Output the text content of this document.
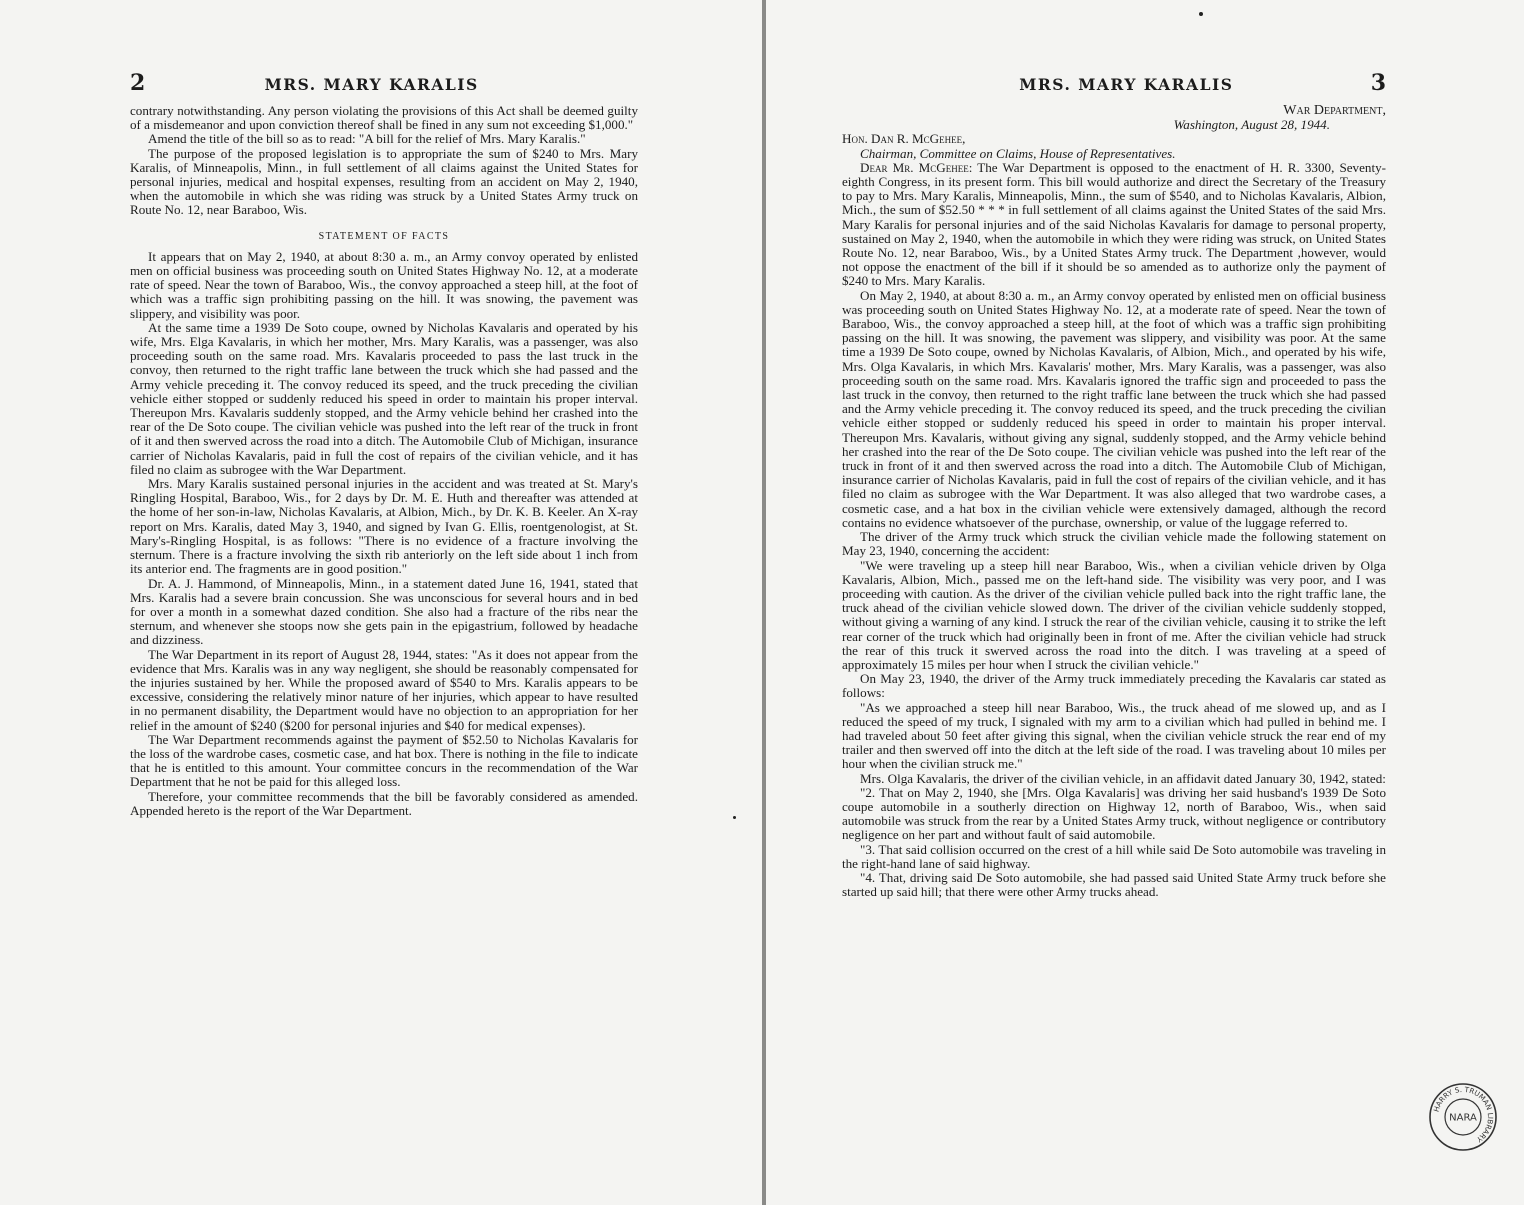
2	MRS. MARY KARALIS

contrary notwithstanding. Any person violating the provisions of this Act shall be deemed guilty of a misdemeanor and upon conviction thereof shall be fined in any sum not exceeding $1,000."

Amend the title of the bill so as to read: "A bill for the relief of Mrs. Mary Karalis."

The purpose of the proposed legislation is to appropriate the sum of $240 to Mrs. Mary Karalis, of Minneapolis, Minn., in full settlement of all claims against the United States for personal injuries, medical and hospital expenses, resulting from an accident on May 2, 1940, when the automobile in which she was riding was struck by a United States Army truck on Route No. 12, near Baraboo, Wis.

STATEMENT OF FACTS

It appears that on May 2, 1940, at about 8:30 a. m., an Army convoy operated by enlisted men on official business was proceeding south on United States Highway No. 12, at a moderate rate of speed. Near the town of Baraboo, Wis., the convoy approached a steep hill, at the foot of which was a traffic sign prohibiting passing on the hill. It was snowing, the pavement was slippery, and visibility was poor.

At the same time a 1939 De Soto coupe, owned by Nicholas Kavalaris and operated by his wife, Mrs. Elga Kavalaris, in which her mother, Mrs. Mary Karalis, was a passenger, was also proceeding south on the same road. Mrs. Kavalaris proceeded to pass the last truck in the convoy, then returned to the right traffic lane between the truck which she had passed and the Army vehicle preceding it. The convoy reduced its speed, and the truck preceding the civilian vehicle either stopped or suddenly reduced his speed in order to maintain his proper interval. Thereupon Mrs. Kavalaris suddenly stopped, and the Army vehicle behind her crashed into the rear of the De Soto coupe. The civilian vehicle was pushed into the left rear of the truck in front of it and then swerved across the road into a ditch. The Automobile Club of Michigan, insurance carrier of Nicholas Kavalaris, paid in full the cost of repairs of the civilian vehicle, and it has filed no claim as subrogee with the War Department.

Mrs. Mary Karalis sustained personal injuries in the accident and was treated at St. Mary's Ringling Hospital, Baraboo, Wis., for 2 days by Dr. M. E. Huth and thereafter was attended at the home of her son-in-law, Nicholas Kavalaris, at Albion, Mich., by Dr. K. B. Keeler. An X-ray report on Mrs. Karalis, dated May 3, 1940, and signed by Ivan G. Ellis, roentgenologist, at St. Mary's-Ringling Hospital, is as follows: "There is no evidence of a fracture involving the sternum. There is a fracture involving the sixth rib anteriorly on the left side about 1 inch from its anterior end. The fragments are in good position."

Dr. A. J. Hammond, of Minneapolis, Minn., in a statement dated June 16, 1941, stated that Mrs. Karalis had a severe brain concussion. She was unconscious for several hours and in bed for over a month in a somewhat dazed condition. She also had a fracture of the ribs near the sternum, and whenever she stoops now she gets pain in the epigastrium, followed by headache and dizziness.

The War Department in its report of August 28, 1944, states: "As it does not appear from the evidence that Mrs. Karalis was in any way negligent, she should be reasonably compensated for the injuries sustained by her. While the proposed award of $540 to Mrs. Karalis appears to be excessive, considering the relatively minor nature of her injuries, which appear to have resulted in no permanent disability, the Department would have no objection to an appropriation for her relief in the amount of $240 ($200 for personal injuries and $40 for medical expenses).

The War Department recommends against the payment of $52.50 to Nicholas Kavalaris for the loss of the wardrobe cases, cosmetic case, and hat box. There is nothing in the file to indicate that he is entitled to this amount. Your committee concurs in the recommendation of the War Department that he not be paid for this alleged loss.

Therefore, your committee recommends that the bill be favorably considered as amended. Appended hereto is the report of the War Department.

MRS. MARY KARALIS	3

War Department,

Washington, August 28, 1944.

Hon. Dan R. McGehee,

Chairman, Committee on Claims, House of Representatives.

Dear Mr. McGehee: The War Department is opposed to the enactment of H. R. 3300, Seventy-eighth Congress, in its present form. This bill would authorize and direct the Secretary of the Treasury to pay to Mrs. Mary Karalis, Minneapolis, Minn., the sum of $540, and to Nicholas Kavalaris, Albion, Mich., the sum of $52.50 * * * in full settlement of all claims against the United States of the said Mrs. Mary Karalis for personal injuries and of the said Nicholas Kavalaris for damage to personal property, sustained on May 2, 1940, when the automobile in which they were riding was struck, on United States Route No. 12, near Baraboo, Wis., by a United States Army truck. The Department ,however, would not oppose the enactment of the bill if it should be so amended as to authorize only the payment of $240 to Mrs. Mary Karalis.

On May 2, 1940, at about 8:30 a. m., an Army convoy operated by enlisted men on official business was proceeding south on United States Highway No. 12, at a moderate rate of speed. Near the town of Baraboo, Wis., the convoy approached a steep hill, at the foot of which was a traffic sign prohibiting passing on the hill. It was snowing, the pavement was slippery, and visibility was poor. At the same time a 1939 De Soto coupe, owned by Nicholas Kavalaris, of Albion, Mich., and operated by his wife, Mrs. Olga Kavalaris, in which Mrs. Kavalaris' mother, Mrs. Mary Karalis, was a passenger, was also proceeding south on the same road. Mrs. Kavalaris ignored the traffic sign and proceeded to pass the last truck in the convoy, then returned to the right traffic lane between the truck which she had passed and the Army vehicle preceding it. The convoy reduced its speed, and the truck preceding the civilian vehicle either stopped or suddenly reduced his speed in order to maintain his proper interval. Thereupon Mrs. Kavalaris, without giving any signal, suddenly stopped, and the Army vehicle behind her crashed into the rear of the De Soto coupe. The civilian vehicle was pushed into the left rear of the truck in front of it and then swerved across the road into a ditch. The Automobile Club of Michigan, insurance carrier of Nicholas Kavalaris, paid in full the cost of repairs of the civilian vehicle, and it has filed no claim as subrogee with the War Department. It was also alleged that two wardrobe cases, a cosmetic case, and a hat box in the civilian vehicle were extensively damaged, although the record contains no evidence whatsoever of the purchase, ownership, or value of the luggage referred to.

The driver of the Army truck which struck the civilian vehicle made the following statement on May 23, 1940, concerning the accident:

"We were traveling up a steep hill near Baraboo, Wis., when a civilian vehicle driven by Olga Kavalaris, Albion, Mich., passed me on the left-hand side. The visibility was very poor, and I was proceeding with caution. As the driver of the civilian vehicle pulled back into the right traffic lane, the truck ahead of the civilian vehicle slowed down. The driver of the civilian vehicle suddenly stopped, without giving a warning of any kind. I struck the rear of the civilian vehicle, causing it to strike the left rear corner of the truck which had originally been in front of me. After the civilian vehicle had struck the rear of this truck it swerved across the road into the ditch. I was traveling at a speed of approximately 15 miles per hour when I struck the civilian vehicle."

On May 23, 1940, the driver of the Army truck immediately preceding the Kavalaris car stated as follows:

"As we approached a steep hill near Baraboo, Wis., the truck ahead of me slowed up, and as I reduced the speed of my truck, I signaled with my arm to a civilian which had pulled in behind me. I had traveled about 50 feet after giving this signal, when the civilian vehicle struck the rear end of my trailer and then swerved off into the ditch at the left side of the road. I was traveling about 10 miles per hour when the civilian struck me."

Mrs. Olga Kavalaris, the driver of the civilian vehicle, in an affidavit dated January 30, 1942, stated:

"2. That on May 2, 1940, she [Mrs. Olga Kavalaris] was driving her said husband's 1939 De Soto coupe automobile in a southerly direction on Highway 12, north of Baraboo, Wis., when said automobile was struck from the rear by a United States Army truck, without negligence or contributory negligence on her part and without fault of said automobile.

"3. That said collision occurred on the crest of a hill while said De Soto automobile was traveling in the right-hand lane of said highway.

"4. That, driving said De Soto automobile, she had passed said United State Army truck before she started up said hill; that there were other Army trucks ahead.

HARRY S. TRUMAN LIBRARY
NARA
